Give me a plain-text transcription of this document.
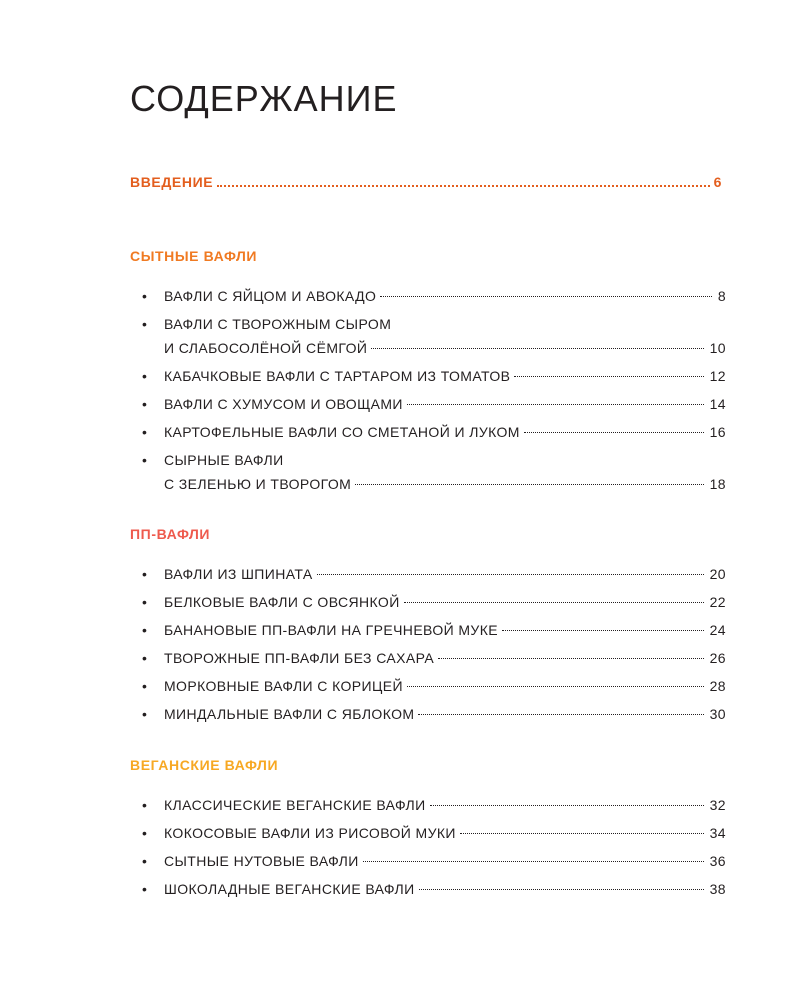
СОДЕРЖАНИЕ
ВВЕДЕНИЕ	6
СЫТНЫЕ ВАФЛИ
• ВАФЛИ С ЯЙЦОМ И АВОКАДО	8
• ВАФЛИ С ТВОРОЖНЫМ СЫРОМ
И СЛАБОСОЛЁНОЙ СЁМГОЙ	10
• КАБАЧКОВЫЕ ВАФЛИ С ТАРТАРОМ ИЗ ТОМАТОВ	12
• ВАФЛИ С ХУМУСОМ И ОВОЩАМИ	14
• КАРТОФЕЛЬНЫЕ ВАФЛИ СО СМЕТАНОЙ И ЛУКОМ	16
• СЫРНЫЕ ВАФЛИ
С ЗЕЛЕНЬЮ И ТВОРОГОМ	18
ПП-ВАФЛИ
• ВАФЛИ ИЗ ШПИНАТА	20
• БЕЛКОВЫЕ ВАФЛИ С ОВСЯНКОЙ	22
• БАНАНОВЫЕ ПП-ВАФЛИ НА ГРЕЧНЕВОЙ МУКЕ	24
• ТВОРОЖНЫЕ ПП-ВАФЛИ БЕЗ САХАРА	26
• МОРКОВНЫЕ ВАФЛИ С КОРИЦЕЙ	28
• МИНДАЛЬНЫЕ ВАФЛИ С ЯБЛОКОМ	30
ВЕГАНСКИЕ ВАФЛИ
• КЛАССИЧЕСКИЕ ВЕГАНСКИЕ ВАФЛИ	32
• КОКОСОВЫЕ ВАФЛИ ИЗ РИСОВОЙ МУКИ	34
• СЫТНЫЕ НУТОВЫЕ ВАФЛИ	36
• ШОКОЛАДНЫЕ ВЕГАНСКИЕ ВАФЛИ	38
